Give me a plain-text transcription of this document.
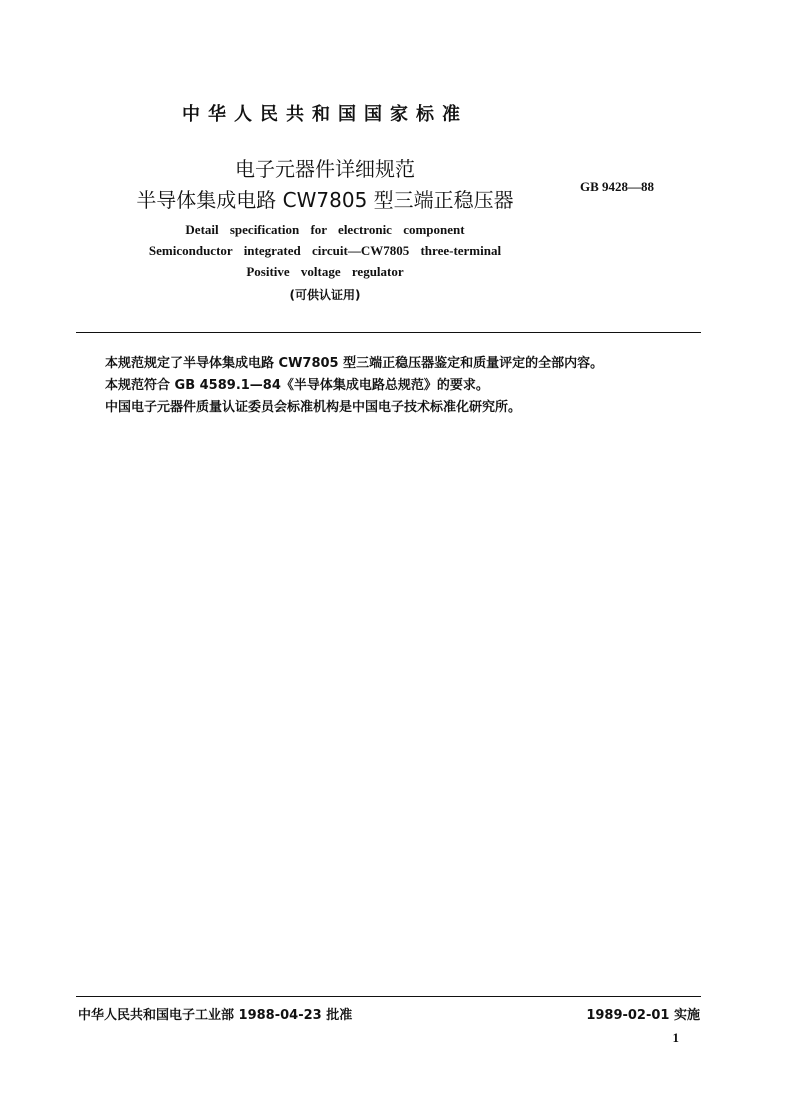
中华人民共和国国家标准
电子元器件详细规范
半导体集成电路 CW7805 型三端正稳压器
GB 9428—88
Detail specification for electronic component
Semiconductor integrated circuit—CW7805 three-terminal
Positive voltage regulator
(可供认证用)
本规范规定了半导体集成电路 CW7805 型三端正稳压器鉴定和质量评定的全部内容。
本规范符合 GB 4589.1—84《半导体集成电路总规范》的要求。
中国电子元器件质量认证委员会标准机构是中国电子技术标准化研究所。
中华人民共和国电子工业部 1988-04-23 批准	1989-02-01 实施
1
